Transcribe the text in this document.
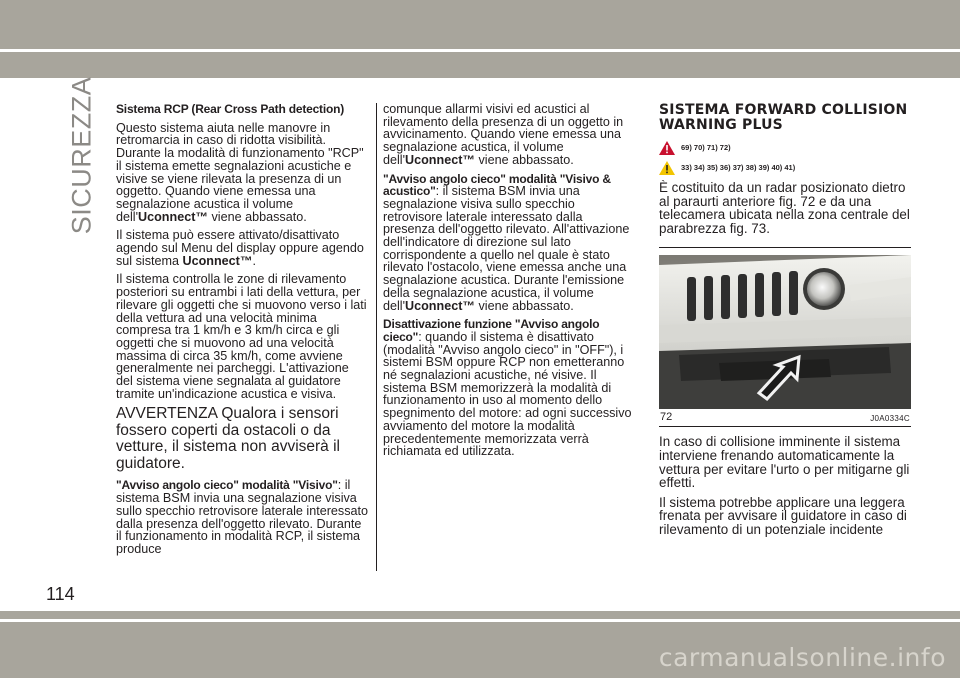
SICUREZZA Sistema RCP (Rear Cross Path detection)

Questo sistema aiuta nelle manovre in retromarcia in caso di ridotta visibilità. Durante la modalità di funzionamento "RCP" il sistema emette segnalazioni acustiche e visive se viene rilevata la presenza di un oggetto. Quando viene emessa una segnalazione acustica il volume dell'Uconnect™ viene abbassato.

Il sistema può essere attivato/disattivato agendo sul Menu del display oppure agendo sul sistema Uconnect™.

Il sistema controlla le zone di rilevamento posteriori su entrambi i lati della vettura, per rilevare gli oggetti che si muovono verso i lati della vettura ad una velocità minima compresa tra 1 km/h e 3 km/h circa e gli oggetti che si muovono ad una velocità massima di circa 35 km/h, come avviene generalmente nei parcheggi. L'attivazione del sistema viene segnalata al guidatore tramite un'indicazione acustica e visiva.

AVVERTENZA Qualora i sensori fossero coperti da ostacoli o da vetture, il sistema non avviserà il guidatore.

"Avviso angolo cieco" modalità "Visivo": il sistema BSM invia una segnalazione visiva sullo specchio retrovisore laterale interessato dalla presenza dell'oggetto rilevato. Durante il funzionamento in modalità RCP, il sistema produce

comunque allarmi visivi ed acustici al rilevamento della presenza di un oggetto in avvicinamento. Quando viene emessa una segnalazione acustica, il volume dell'Uconnect™ viene abbassato.

"Avviso angolo cieco" modalità "Visivo & acustico": il sistema BSM invia una segnalazione visiva sullo specchio retrovisore laterale interessato dalla presenza dell'oggetto rilevato. All'attivazione dell'indicatore di direzione sul lato corrispondente a quello nel quale è stato rilevato l'ostacolo, viene emessa anche una segnalazione acustica. Durante l'emissione della segnalazione acustica, il volume dell'Uconnect™ viene abbassato.

Disattivazione funzione "Avviso angolo cieco": quando il sistema è disattivato (modalità "Avviso angolo cieco" in "OFF"), i sistemi BSM oppure RCP non emetteranno né segnalazioni acustiche, né visive. Il sistema BSM memorizzerà la modalità di funzionamento in uso al momento dello spegnimento del motore: ad ogni successivo avviamento del motore la modalità precedentemente memorizzata verrà richiamata ed utilizzata.

SISTEMA FORWARD COLLISION
WARNING PLUS
69) 70) 71) 72)
33) 34) 35) 36) 37) 38) 39) 40) 41)

È costituito da un radar posizionato dietro al paraurti anteriore fig. 72 e da una telecamera ubicata nella zona centrale del parabrezza fig. 73.

72	J0A0334C

In caso di collisione imminente il sistema interviene frenando automaticamente la vettura per evitare l'urto o per mitigarne gli effetti.

Il sistema potrebbe applicare una leggera frenata per avvisare il guidatore in caso di rilevamento di un potenziale incidente

114
carmanualsonline.info
